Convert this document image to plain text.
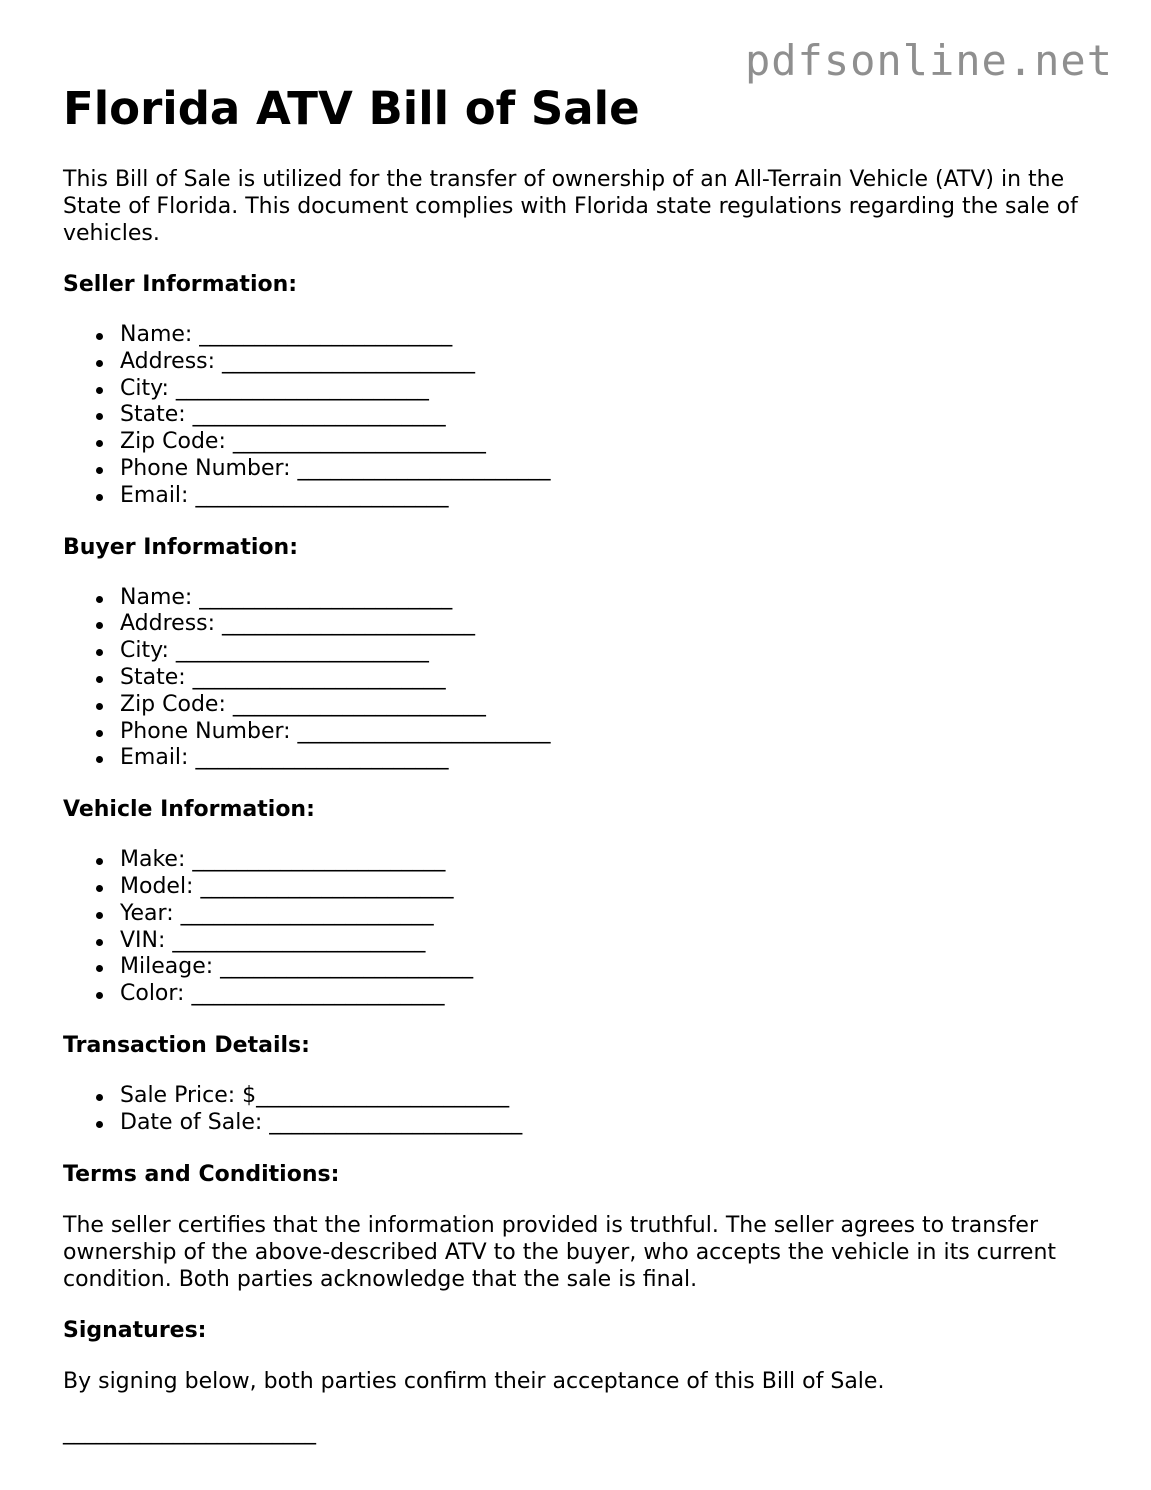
pdfsonline.net
Florida ATV Bill of Sale

This Bill of Sale is utilized for the transfer of ownership of an All-Terrain Vehicle (ATV) in the State of Florida. This document complies with Florida state regulations regarding the sale of vehicles.

Seller Information:
Name: _______________________
Address: _______________________
City: _______________________
State: _______________________
Zip Code: _______________________
Phone Number: _______________________
Email: _______________________
Buyer Information:
Name: _______________________
Address: _______________________
City: _______________________
State: _______________________
Zip Code: _______________________
Phone Number: _______________________
Email: _______________________
Vehicle Information:
Make: _______________________
Model: _______________________
Year: _______________________
VIN: _______________________
Mileage: _______________________
Color: _______________________
Transaction Details:
Sale Price: $_______________________
Date of Sale: _______________________
Terms and Conditions:

The seller certifies that the information provided is truthful. The seller agrees to transfer ownership of the above-described ATV to the buyer, who accepts the vehicle in its current condition. Both parties acknowledge that the sale is final.

Signatures:

By signing below, both parties confirm their acceptance of this Bill of Sale.

_______________________
